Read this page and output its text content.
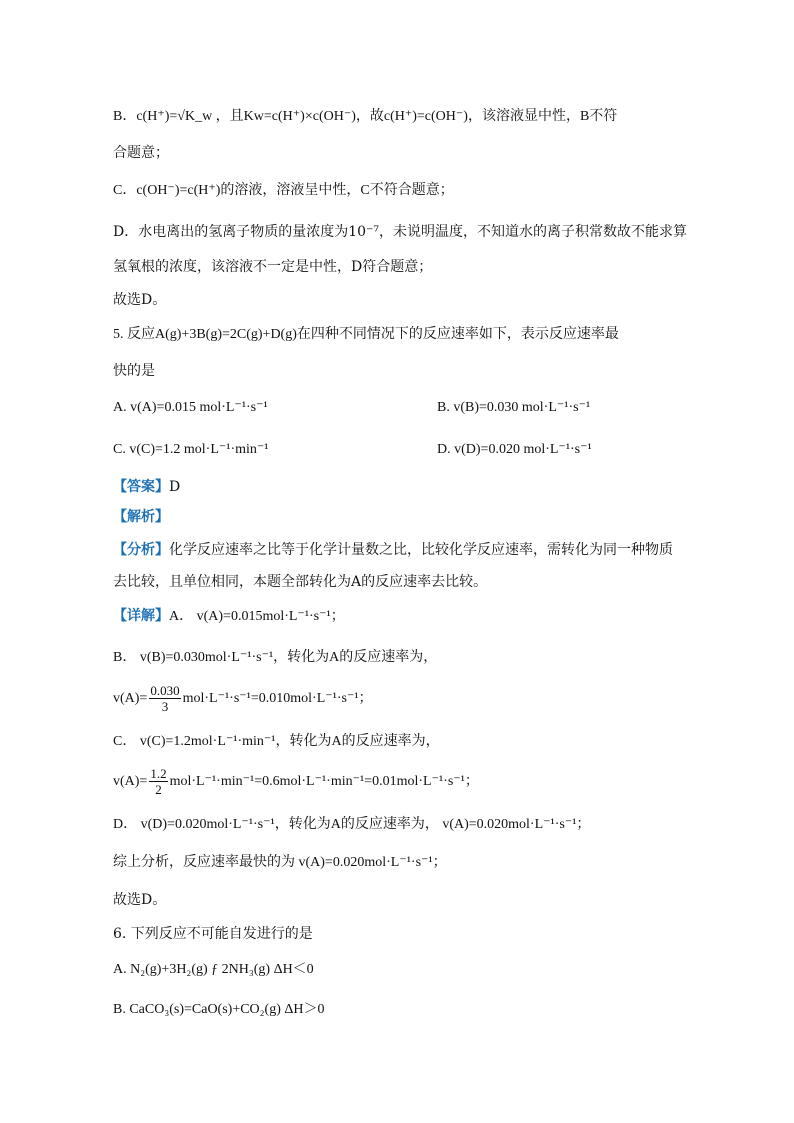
B．c(H⁺)=√K_w ，且Kw=c(H⁺)×c(OH⁻)，故c(H⁺)=c(OH⁻)，该溶液显中性，B不符
合题意；
C．c(OH⁻)=c(H⁺)的溶液，溶液呈中性，C不符合题意；
D．水电离出的氢离子物质的量浓度为10⁻⁷，未说明温度，不知道水的离子积常数故不能求算
氢氧根的浓度，该溶液不一定是中性，D符合题意；
故选D。
5. 反应A(g)+3B(g)=2C(g)+D(g)在四种不同情况下的反应速率如下，表示反应速率最
快的是
A. v(A)=0.015 mol·L⁻¹·s⁻¹	B. v(B)=0.030 mol·L⁻¹·s⁻¹
C. v(C)=1.2 mol·L⁻¹·min⁻¹	D. v(D)=0.020 mol·L⁻¹·s⁻¹
【答案】D
【解析】
【分析】化学反应速率之比等于化学计量数之比，比较化学反应速率，需转化为同一种物质
去比较，且单位相同，本题全部转化为A的反应速率去比较。
【详解】A． v(A)=0.015mol·L⁻¹·s⁻¹；
B． v(B)=0.030mol·L⁻¹·s⁻¹，转化为A的反应速率为，
$v(A)= \frac{0.030}{3} mol\cdot L^{-1}\cdot s^{-1}=0.010mol\cdot L^{-1}\cdot s^{-1}$；
C． v(C)=1.2mol·L⁻¹·min⁻¹，转化为A的反应速率为，
$v(A)= \frac{1.2}{2} mol\cdot L^{-1}\cdot\min^{-1}=0.6mol\cdot L^{-1}\cdot\min^{-1}=0.01mol\cdot L^{-1}\cdot s^{-1}$；
D． v(D)=0.020mol·L⁻¹·s⁻¹，转化为A的反应速率为， v(A)=0.020mol·L⁻¹·s⁻¹；
综上分析，反应速率最快的为 v(A)=0.020mol·L⁻¹·s⁻¹；
故选D。
6. 下列反应不可能自发进行的是
A. N₂(g)+3H₂(g) ƒ 2NH₃(g) ΔH＜0
B. CaCO₃(s)=CaO(s)+CO₂(g) ΔH＞0
